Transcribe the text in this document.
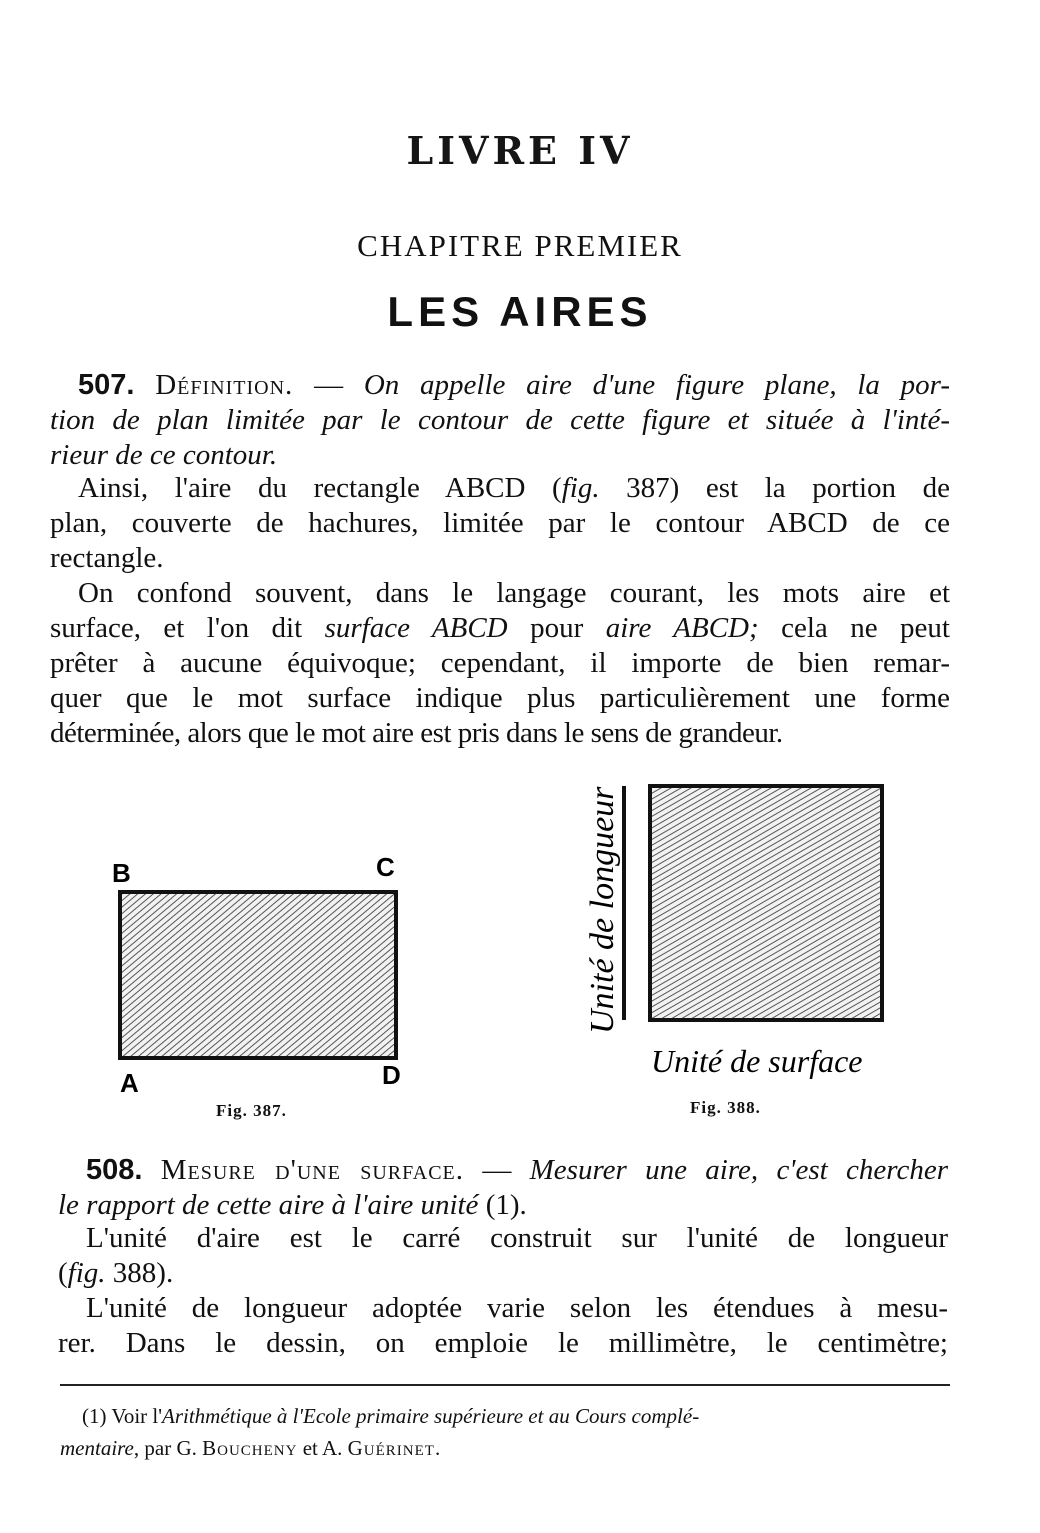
LIVRE IV
CHAPITRE PREMIER
LES AIRES
507. Définition. — On appelle aire d'une figure plane, la por-
tion de plan limitée par le contour de cette figure et située à l'inté-
rieur de ce contour.
Ainsi, l'aire du rectangle ABCD (fig. 387) est la portion de
plan, couverte de hachures, limitée par le contour ABCD de ce
rectangle.
On confond souvent, dans le langage courant, les mots aire et
surface, et l'on dit surface ABCD pour aire ABCD; cela ne peut
prêter à aucune équivoque; cependant, il importe de bien remar-
quer que le mot surface indique plus particulièrement une forme
déterminée, alors que le mot aire est pris dans le sens de grandeur.
B	C
A	D
Fig. 387.
Unité de longueur
Unité de surface
Fig. 388.
508. Mesure d'une surface. — Mesurer une aire, c'est chercher
le rapport de cette aire à l'aire unité (1).
L'unité d'aire est le carré construit sur l'unité de longueur
(fig. 388).
L'unité de longueur adoptée varie selon les étendues à mesu-
rer. Dans le dessin, on emploie le millimètre, le centimètre;
(1) Voir l'Arithmétique à l'Ecole primaire supérieure et au Cours complé-
mentaire, par G. Boucheny et A. Guérinet.
